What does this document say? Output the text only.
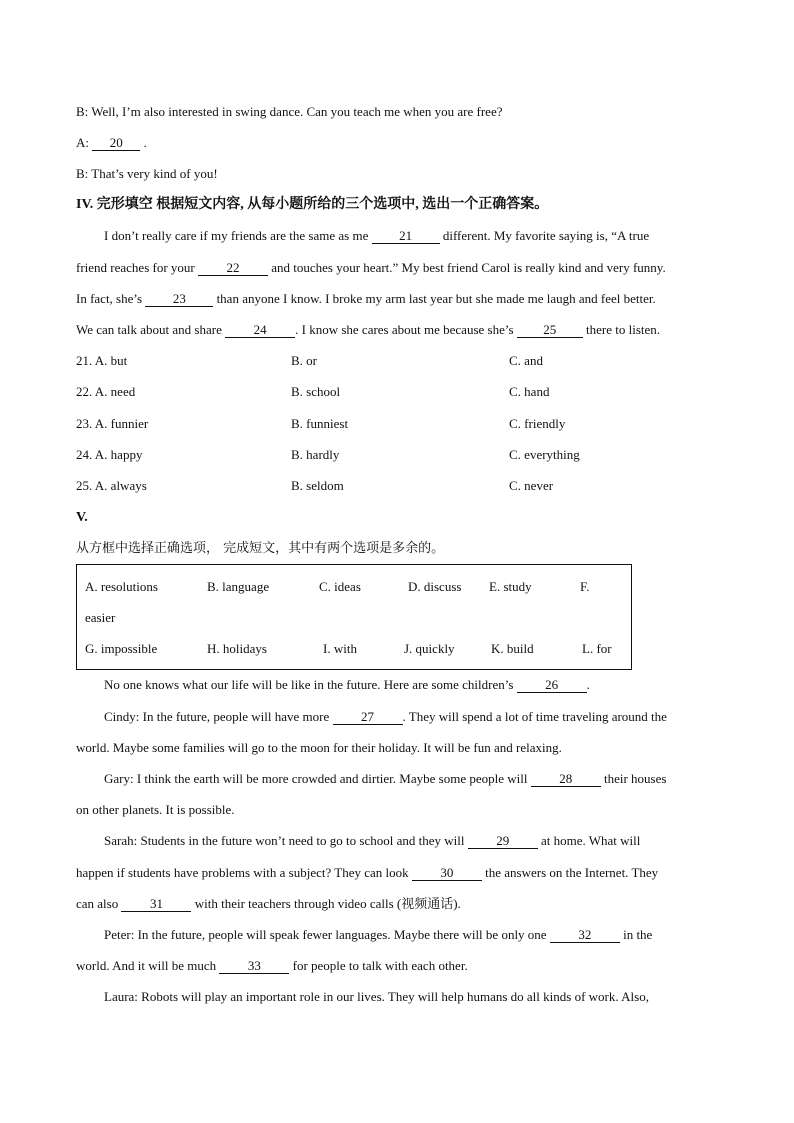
B: Well, I’m also interested in swing dance. Can you teach me when you are free?
A: 20 .
B: That’s very kind of you!
IV. 完形填空 根据短文内容, 从每小题所给的三个选项中, 选出一个正确答案。
I don’t really care if my friends are the same as me 21 different. My favorite saying is, “A true
friend reaches for your 22 and touches your heart.” My best friend Carol is really kind and very funny.
In fact, she’s 23 than anyone I know. I broke my arm last year but she made me laugh and feel better.
We can talk about and share 24 . I know she cares about me because she’s 25 there to listen.
21. A. but	B. or	C. and
22. A. need	B. school	C. hand
23. A. funnier	B. funniest	C. friendly
24. A. happy	B. hardly	C. everything
25. A. always	B. seldom	C. never
V.
从方框中选择正确选项， 完成短文，其中有两个选项是多余的。
A. resolutions	B. language	C. ideas	D. discuss E. study	F.
easier
G. impossible	H. holidays	I. with	J. quickly	K. build	L. for
No one knows what our life will be like in the future. Here are some children’s 26 .
Cindy: In the future, people will have more 27 . They will spend a lot of time traveling around the
world. Maybe some families will go to the moon for their holiday. It will be fun and relaxing.
Gary: I think the earth will be more crowded and dirtier. Maybe some people will 28 their houses
on other planets. It is possible.
Sarah: Students in the future won’t need to go to school and they will 29 at home. What will
happen if students have problems with a subject? They can look 30 the answers on the Internet. They
can also 31 with their teachers through video calls (视频通话).
Peter: In the future, people will speak fewer languages. Maybe there will be only one 32 in the
world. And it will be much 33 for people to talk with each other.
Laura: Robots will play an important role in our lives. They will help humans do all kinds of work. Also,
